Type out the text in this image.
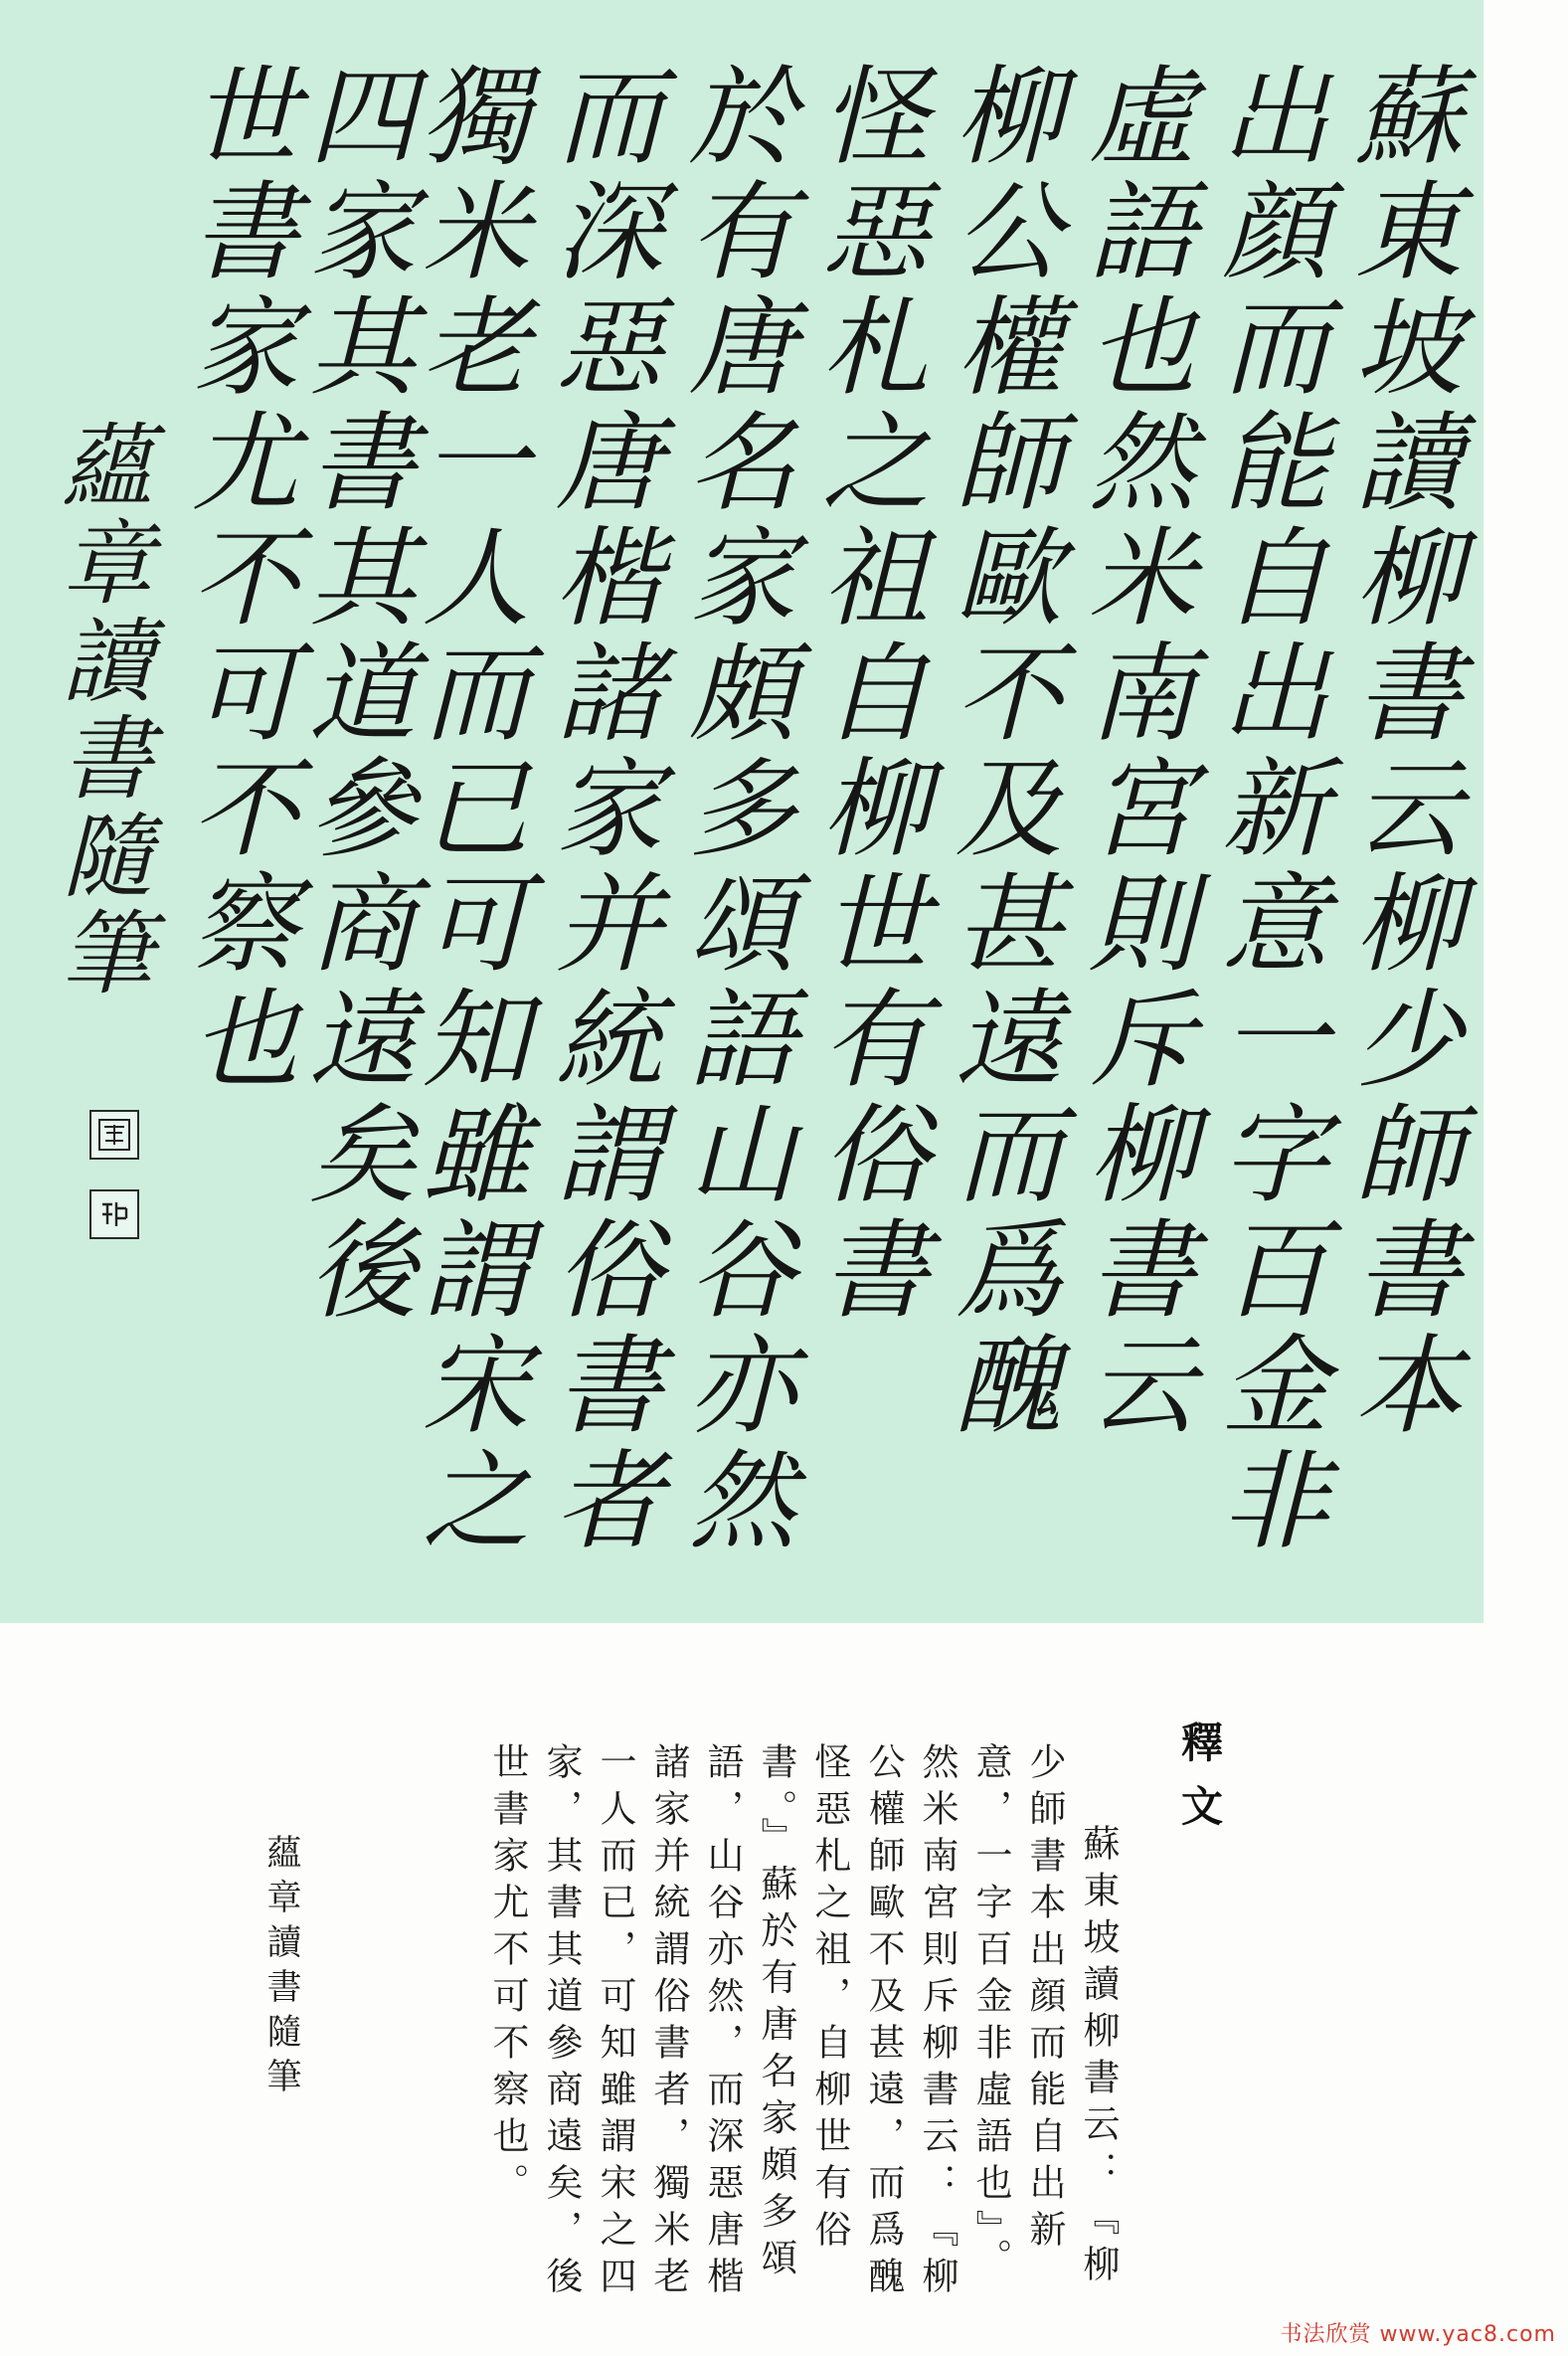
蘇東坡讀柳書云柳少師書本
出顔而能自出新意一字百金非
虛語也然米南宮則斥柳書云
柳公權師歐不及甚遠而爲醜
怪惡札之祖自柳世有俗書
於有唐名家頗多頌語山谷亦然
而深惡唐楷諸家并統謂俗書者
獨米老一人而已可知雖謂宋之
四家其書其道參商遠矣後
世書家尤不可不察也
蘊章讀書隨筆
釋文
　　蘇東坡讀柳書云：『柳
少師書本出顔而能自出新
意，一字百金非虛語也』。
然米南宮則斥柳書云：『柳
公權師歐不及甚遠，而爲醜
怪惡札之祖，自柳世有俗
書。』蘇於有唐名家頗多頌
語，山谷亦然，而深惡唐楷
諸家并統謂俗書者，獨米老
一人而已，可知雖謂宋之四
家，其書其道參商遠矣，後
世書家尤不可不察也。
蘊章讀書隨筆
书法欣赏 www.yac8.com
